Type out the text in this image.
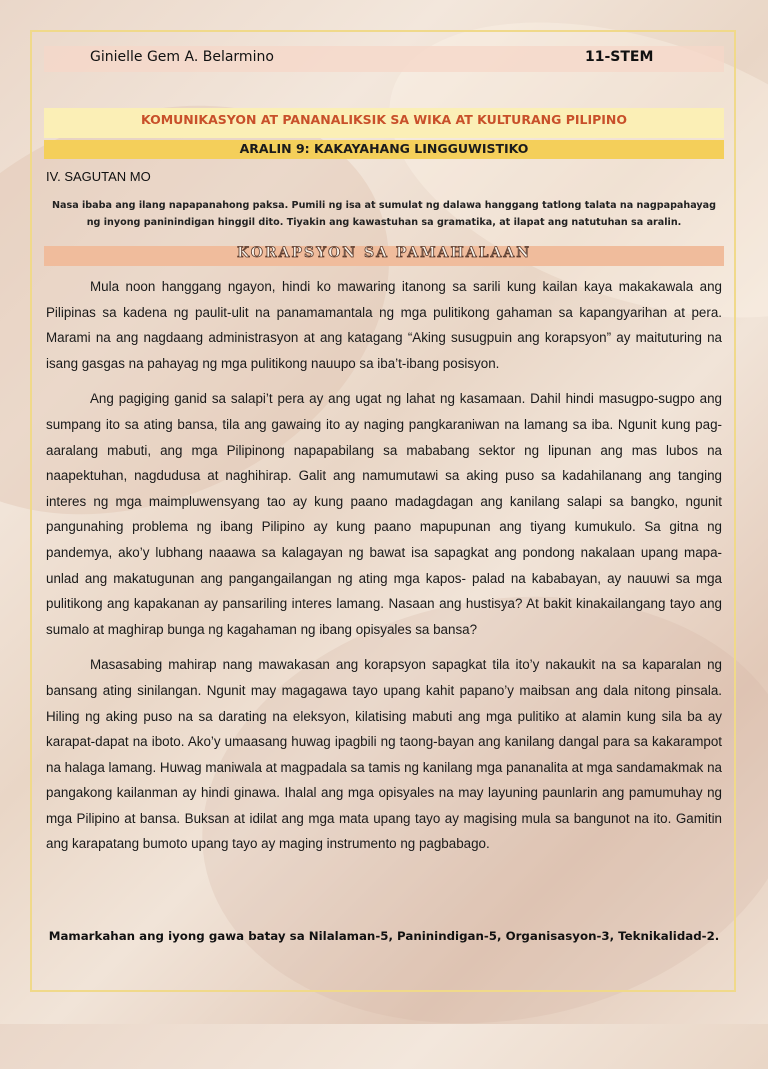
Ginielle Gem A. Belarmino	11-STEM
KOMUNIKASYON AT PANANALIKSIK SA WIKA AT KULTURANG PILIPINO
ARALIN 9: KAKAYAHANG LINGGUWISTIKO
IV. SAGUTAN MO
Nasa ibaba ang ilang napapanahong paksa. Pumili ng isa at sumulat ng dalawa hanggang tatlong talata na nagpapahayag ng inyong paninindigan hinggil dito. Tiyakin ang kawastuhan sa gramatika, at ilapat ang natutuhan sa aralin.
KORAPSYON SA PAMAHALAAN

Mula noon hanggang ngayon, hindi ko mawaring itanong sa sarili kung kailan kaya makakawala ang Pilipinas sa kadena ng paulit-ulit na panamamantala ng mga pulitikong gahaman sa kapangyarihan at pera. Marami na ang nagdaang administrasyon at ang katagang “Aking susugpuin ang korapsyon” ay maituturing na isang gasgas na pahayag ng mga pulitikong nauupo sa iba’t-ibang posisyon.

Ang pagiging ganid sa salapi’t pera ay ang ugat ng lahat ng kasamaan. Dahil hindi masugpo-sugpo ang sumpang ito sa ating bansa, tila ang gawaing ito ay naging pangkaraniwan na lamang sa iba. Ngunit kung pag-aaralang mabuti, ang mga Pilipinong napapabilang sa mababang sektor ng lipunan ang mas lubos na naapektuhan, nagdudusa at naghihirap. Galit ang namumutawi sa aking puso sa kadahilanang ang tanging interes ng mga maimpluwensyang tao ay kung paano madagdagan ang kanilang salapi sa bangko, ngunit pangunahing problema ng ibang Pilipino ay kung paano mapupunan ang tiyang kumukulo. Sa gitna ng pandemya, ako’y lubhang naaawa sa kalagayan ng bawat isa sapagkat ang pondong nakalaan upang mapa-unlad ang makatugunan ang pangangailangan ng ating mga kapos- palad na kababayan, ay nauuwi sa mga pulitikong ang kapakanan ay pansariling interes lamang. Nasaan ang hustisya? At bakit kinakailangang tayo ang sumalo at maghirap bunga ng kagahaman ng ibang opisyales sa bansa?

Masasabing mahirap nang mawakasan ang korapsyon sapagkat tila ito’y nakaukit na sa kaparalan ng bansang ating sinilangan. Ngunit may magagawa tayo upang kahit papano’y maibsan ang dala nitong pinsala. Hiling ng aking puso na sa darating na eleksyon, kilatising mabuti ang mga pulitiko at alamin kung sila ba ay karapat-dapat na iboto. Ako’y umaasang huwag ipagbili ng taong-bayan ang kanilang dangal para sa kakarampot na halaga lamang. Huwag maniwala at magpadala sa tamis ng kanilang mga pananalita at mga sandamakmak na pangakong kailanman ay hindi ginawa. Ihalal ang mga opisyales na may layuning paunlarin ang pamumuhay ng mga Pilipino at bansa. Buksan at idilat ang mga mata upang tayo ay magising mula sa bangunot na ito. Gamitin ang karapatang bumoto upang tayo ay maging instrumento ng pagbabago.

Mamarkahan ang iyong gawa batay sa Nilalaman-5, Paninindigan-5, Organisasyon-3, Teknikalidad-2.
